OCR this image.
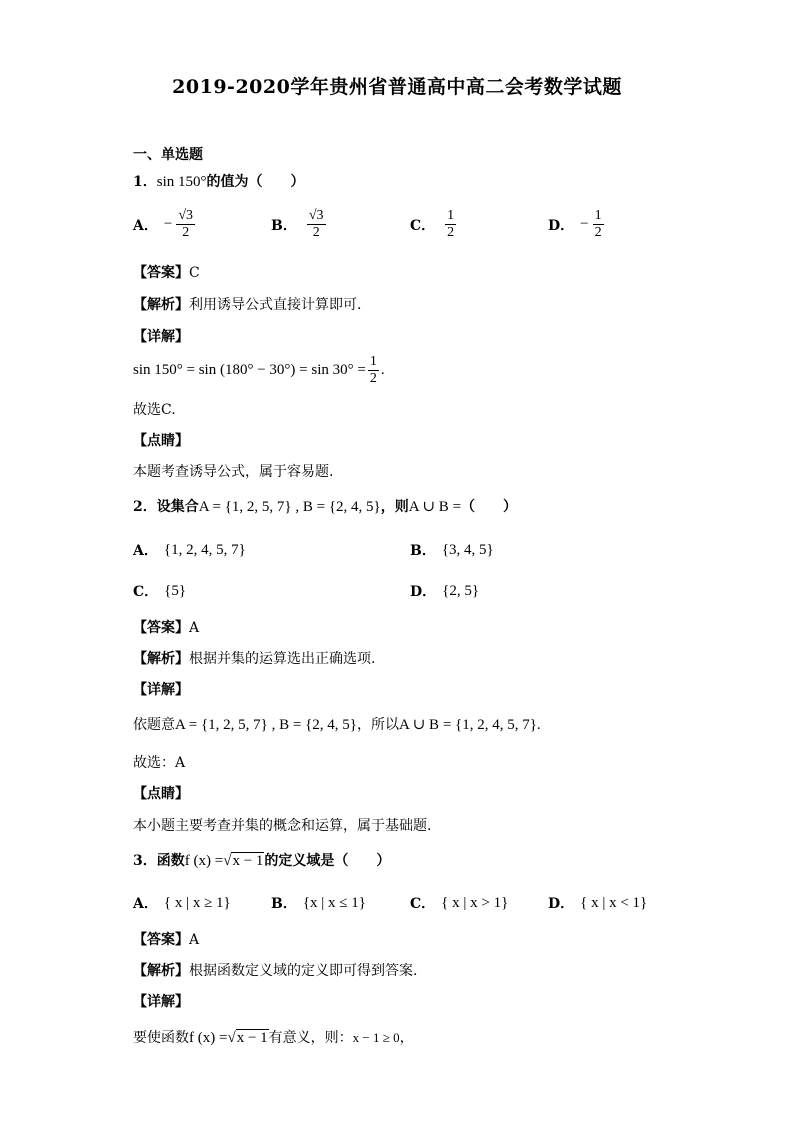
2019-2020学年贵州省普通高中高二会考数学试题
一、单选题
1．sin 150°的值为（　　）
A． − $\frac{√3}{2}$	B． $\frac{√3}{2}$	C． $\frac{1}{2}$	D． − $\frac{1}{2}$
【答案】C
【解析】利用诱导公式直接计算即可.
【详解】
$\sin 150^\circ = \sin (180^\circ - 30^\circ) = \sin 30^\circ = \frac{1}{2}$ .
故选C.
【点睛】
本题考查诱导公式，属于容易题.
2．设集合A = {1, 2, 5, 7} , B = {2, 4, 5}，则A ∪ B =（　　）
A． {1, 2, 4, 5, 7}	B． {3, 4, 5}
C． {5}	D． {2, 5}
【答案】A
【解析】根据并集的运算选出正确选项.
【详解】
依题意A = {1, 2, 5, 7} , B = {2, 4, 5}，所以A ∪ B = {1, 2, 4, 5, 7}.
故选：A
【点睛】
本小题主要考查并集的概念和运算，属于基础题.
3．函数f (x) =√x − 1的定义域是（　　）
A． { x | x ≥ 1}	B． {x | x ≤ 1}	C． { x | x > 1}	D． { x | x < 1}
【答案】A
【解析】根据函数定义域的定义即可得到答案.
【详解】
要使函数f (x) =√x − 1有意义，则：x − 1 ≥ 0，
